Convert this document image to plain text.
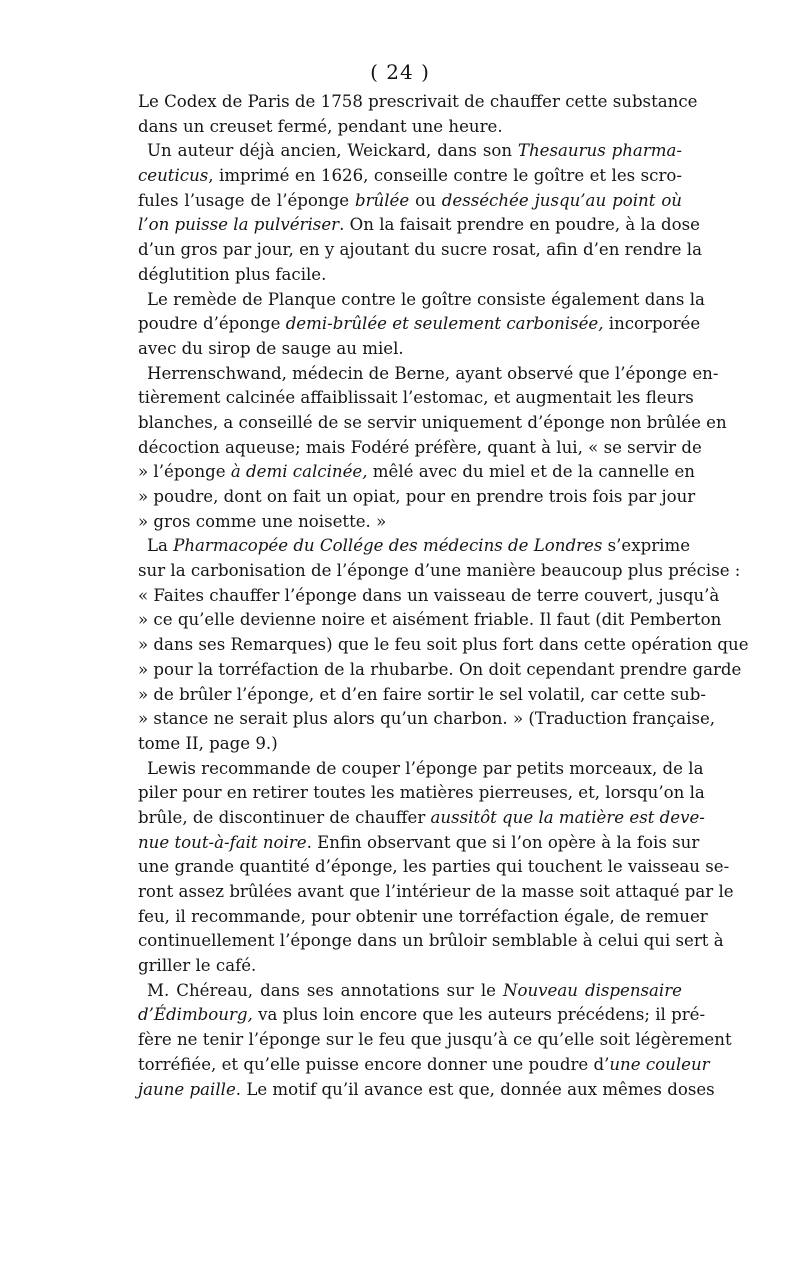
( 24 )
Le Codex de Paris de 1758 prescrivait de chauffer cette substance
dans un creuset fermé, pendant une heure.
Un auteur déjà ancien, Weickard, dans son Thesaurus pharma-
ceuticus, imprimé en 1626, conseille contre le goître et les scro-
fules l’usage de l’éponge brûlée ou desséchée jusqu’au point où
l’on puisse la pulvériser. On la faisait prendre en poudre, à la dose
d’un gros par jour, en y ajoutant du sucre rosat, afin d’en rendre la
déglutition plus facile.
Le remède de Planque contre le goître consiste également dans la
poudre d’éponge demi-brûlée et seulement carbonisée, incorporée
avec du sirop de sauge au miel.
Herrenschwand, médecin de Berne, ayant observé que l’éponge en-
tièrement calcinée affaiblissait l’estomac, et augmentait les fleurs
blanches, a conseillé de se servir uniquement d’éponge non brûlée en
décoction aqueuse; mais Fodéré préfère, quant à lui, « se servir de
» l’éponge à demi calcinée, mêlé avec du miel et de la cannelle en
» poudre, dont on fait un opiat, pour en prendre trois fois par jour
» gros comme une noisette. »
La Pharmacopée du Collége des médecins de Londres s’exprime
sur la carbonisation de l’éponge d’une manière beaucoup plus précise :
« Faites chauffer l’éponge dans un vaisseau de terre couvert, jusqu’à
» ce qu’elle devienne noire et aisément friable. Il faut (dit Pemberton
» dans ses Remarques) que le feu soit plus fort dans cette opération que
» pour la torréfaction de la rhubarbe. On doit cependant prendre garde
» de brûler l’éponge, et d’en faire sortir le sel volatil, car cette sub-
» stance ne serait plus alors qu’un charbon. » (Traduction française,
tome II, page 9.)
Lewis recommande de couper l’éponge par petits morceaux, de la
piler pour en retirer toutes les matières pierreuses, et, lorsqu’on la
brûle, de discontinuer de chauffer aussitôt que la matière est deve-
nue tout-à-fait noire. Enfin observant que si l’on opère à la fois sur
une grande quantité d’éponge, les parties qui touchent le vaisseau se-
ront assez brûlées avant que l’intérieur de la masse soit attaqué par le
feu, il recommande, pour obtenir une torréfaction égale, de remuer
continuellement l’éponge dans un brûloir semblable à celui qui sert à
griller le café.
M. Chéreau, dans ses annotations sur le Nouveau dispensaire
d’Édimbourg, va plus loin encore que les auteurs précédens; il pré-
fère ne tenir l’éponge sur le feu que jusqu’à ce qu’elle soit légèrement
torréfiée, et qu’elle puisse encore donner une poudre d’une couleur
jaune paille. Le motif qu’il avance est que, donnée aux mêmes doses
